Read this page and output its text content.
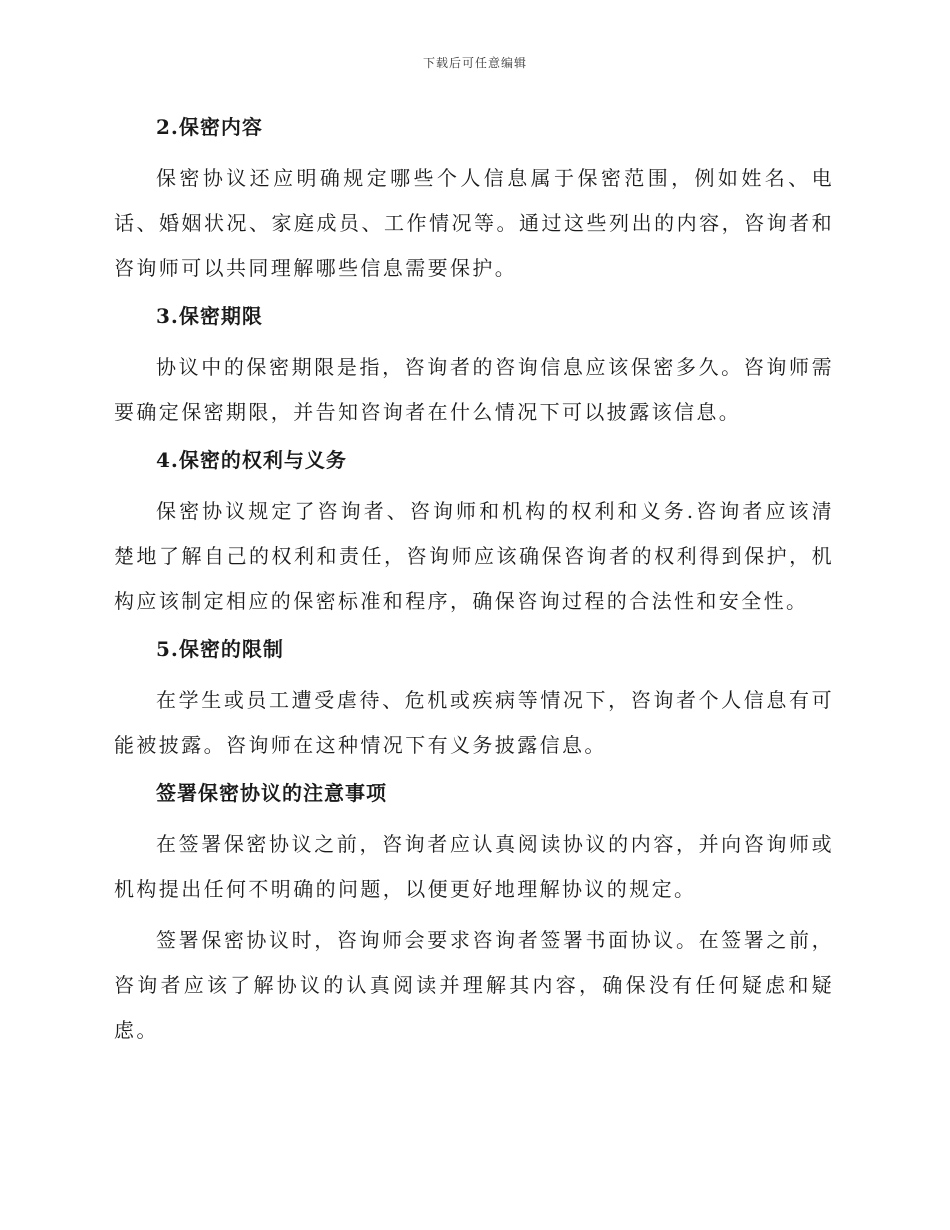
下载后可任意编辑
2.保密内容

保密协议还应明确规定哪些个人信息属于保密范围，例如姓名、电话、婚姻状况、家庭成员、工作情况等。通过这些列出的内容，咨询者和咨询师可以共同理解哪些信息需要保护。

3.保密期限

协议中的保密期限是指，咨询者的咨询信息应该保密多久。咨询师需要确定保密期限，并告知咨询者在什么情况下可以披露该信息。

4.保密的权利与义务

保密协议规定了咨询者、咨询师和机构的权利和义务.咨询者应该清楚地了解自己的权利和责任，咨询师应该确保咨询者的权利得到保护，机构应该制定相应的保密标准和程序，确保咨询过程的合法性和安全性。

5.保密的限制

在学生或员工遭受虐待、危机或疾病等情况下，咨询者个人信息有可能被披露。咨询师在这种情况下有义务披露信息。

签署保密协议的注意事项

在签署保密协议之前，咨询者应认真阅读协议的内容，并向咨询师或机构提出任何不明确的问题，以便更好地理解协议的规定。

签署保密协议时，咨询师会要求咨询者签署书面协议。在签署之前，咨询者应该了解协议的认真阅读并理解其内容，确保没有任何疑虑和疑虑。
